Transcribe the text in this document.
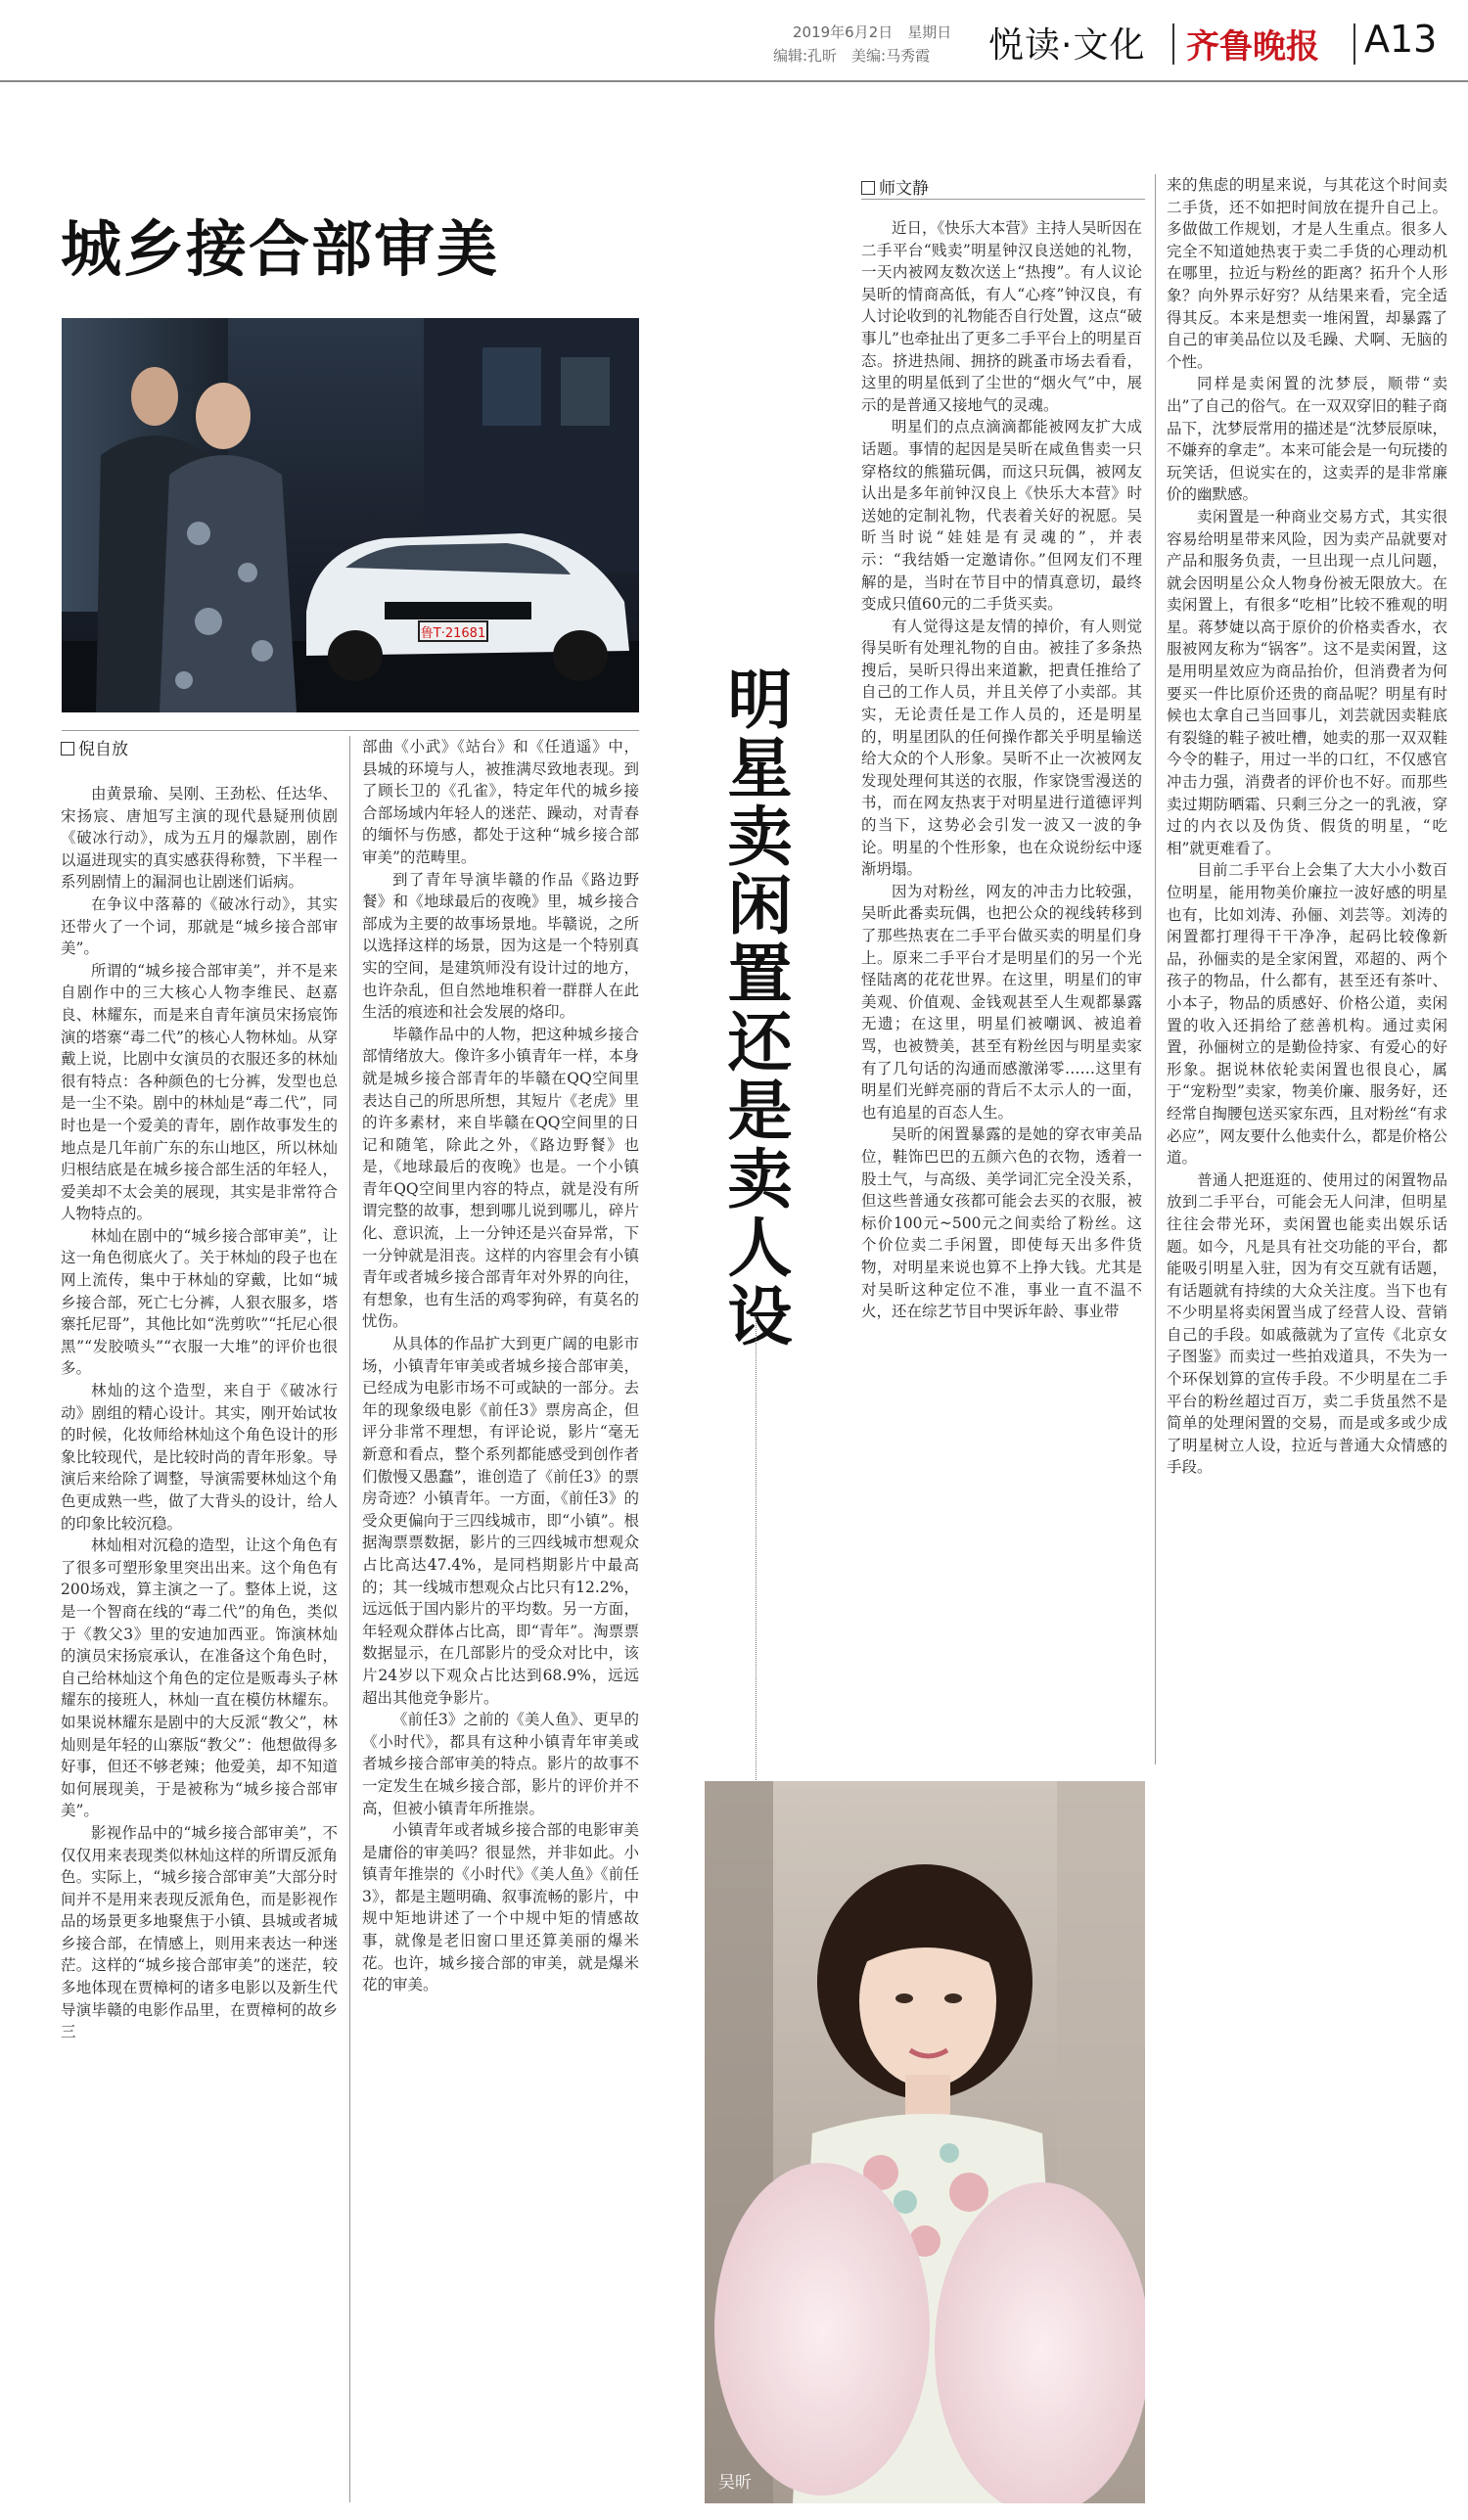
2019年6月2日　星期日
编辑:孔昕　美编:马秀霞 悦读·文化 齐鲁晚报 A13
城乡接合部审美
鲁T·21681
倪自放

由黄景瑜、吴刚、王劲松、任达华、宋扬宸、唐旭写主演的现代悬疑刑侦剧《破冰行动》，成为五月的爆款剧，剧作以逼进现实的真实感获得称赞，下半程一系列剧情上的漏洞也让剧迷们诟病。

在争议中落幕的《破冰行动》，其实还带火了一个词，那就是“城乡接合部审美”。

所谓的“城乡接合部审美”，并不是来自剧作中的三大核心人物李维民、赵嘉良、林耀东，而是来自青年演员宋扬宸饰演的塔寨“毒二代”的核心人物林灿。从穿戴上说，比剧中女演员的衣服还多的林灿很有特点：各种颜色的七分裤，发型也总是一尘不染。剧中的林灿是“毒二代”，同时也是一个爱美的青年，剧作故事发生的地点是几年前广东的东山地区，所以林灿归根结底是在城乡接合部生活的年轻人，爱美却不太会美的展现，其实是非常符合人物特点的。

林灿在剧中的“城乡接合部审美”，让这一角色彻底火了。关于林灿的段子也在网上流传，集中于林灿的穿戴，比如“城乡接合部，死亡七分裤，人狠衣服多，塔寨托尼哥”，其他比如“洗剪吹”“托尼心很黑”“发胶喷头”“衣服一大堆”的评价也很多。

林灿的这个造型，来自于《破冰行动》剧组的精心设计。其实，刚开始试妆的时候，化妆师给林灿这个角色设计的形象比较现代，是比较时尚的青年形象。导演后来给除了调整，导演需要林灿这个角色更成熟一些，做了大背头的设计，给人的印象比较沉稳。

林灿相对沉稳的造型，让这个角色有了很多可塑形象里突出出来。这个角色有200场戏，算主演之一了。整体上说，这是一个智商在线的“毒二代”的角色，类似于《教父3》里的安迪加西亚。饰演林灿的演员宋扬宸承认，在准备这个角色时，自己给林灿这个角色的定位是贩毒头子林耀东的接班人，林灿一直在模仿林耀东。如果说林耀东是剧中的大反派“教父”，林灿则是年轻的山寨版“教父”：他想做得多好事，但还不够老辣；他爱美，却不知道如何展现美，于是被称为“城乡接合部审美”。

影视作品中的“城乡接合部审美”，不仅仅用来表现类似林灿这样的所谓反派角色。实际上，“城乡接合部审美”大部分时间并不是用来表现反派角色，而是影视作品的场景更多地聚焦于小镇、县城或者城乡接合部，在情感上，则用来表达一种迷茫。这样的“城乡接合部审美”的迷茫，较多地体现在贾樟柯的诸多电影以及新生代导演毕赣的电影作品里，在贾樟柯的故乡三

部曲《小武》《站台》和《任逍遥》中，县城的环境与人，被推满尽致地表现。到了顾长卫的《孔雀》，特定年代的城乡接合部场域内年轻人的迷茫、躁动，对青春的缅怀与伤感，都处于这种“城乡接合部审美”的范畴里。

到了青年导演毕赣的作品《路边野餐》和《地球最后的夜晚》里，城乡接合部成为主要的故事场景地。毕赣说，之所以选择这样的场景，因为这是一个特别真实的空间，是建筑师没有设计过的地方，也许杂乱，但自然地堆积着一群群人在此生活的痕迹和社会发展的烙印。

毕赣作品中的人物，把这种城乡接合部情绪放大。像许多小镇青年一样，本身就是城乡接合部青年的毕赣在QQ空间里表达自己的所思所想，其短片《老虎》里的许多素材，来自毕赣在QQ空间里的日记和随笔，除此之外，《路边野餐》也是，《地球最后的夜晚》也是。一个小镇青年QQ空间里内容的特点，就是没有所谓完整的故事，想到哪儿说到哪儿，碎片化、意识流，上一分钟还是兴奋异常，下一分钟就是泪丧。这样的内容里会有小镇青年或者城乡接合部青年对外界的向往，有想象，也有生活的鸡零狗碎，有莫名的忧伤。

从具体的作品扩大到更广阔的电影市场，小镇青年审美或者城乡接合部审美，已经成为电影市场不可或缺的一部分。去年的现象级电影《前任3》票房高企，但评分非常不理想，有评论说，影片“毫无新意和看点，整个系列都能感受到创作者们傲慢又愚蠢”，谁创造了《前任3》的票房奇迹？小镇青年。一方面，《前任3》的受众更偏向于三四线城市，即“小镇”。根据淘票票数据，影片的三四线城市想观众占比高达47.4%，是同档期影片中最高的；其一线城市想观众占比只有12.2%，远远低于国内影片的平均数。另一方面，年轻观众群体占比高，即“青年”。淘票票数据显示，在几部影片的受众对比中，该片24岁以下观众占比达到68.9%，远远超出其他竞争影片。

《前任3》之前的《美人鱼》、更早的《小时代》，都具有这种小镇青年审美或者城乡接合部审美的特点。影片的故事不一定发生在城乡接合部，影片的评价并不高，但被小镇青年所推崇。

小镇青年或者城乡接合部的电影审美是庸俗的审美吗？很显然，并非如此。小镇青年推崇的《小时代》《美人鱼》《前任3》，都是主题明确、叙事流畅的影片，中规中矩地讲述了一个中规中矩的情感故事，就像是老旧窗口里还算美丽的爆米花。也许，城乡接合部的审美，就是爆米花的审美。

明星卖闲置还是卖人设
师文静

近日，《快乐大本营》主持人吴昕因在二手平台“贱卖”明星钟汉良送她的礼物，一天内被网友数次送上“热搜”。有人议论吴昕的情商高低，有人“心疼”钟汉良，有人讨论收到的礼物能否自行处置，这点“破事儿”也牵扯出了更多二手平台上的明星百态。挤进热闹、拥挤的跳蚤市场去看看，这里的明星低到了尘世的“烟火气”中，展示的是普通又接地气的灵魂。

明星们的点点滴滴都能被网友扩大成话题。事情的起因是吴昕在咸鱼售卖一只穿格纹的熊猫玩偶，而这只玩偶，被网友认出是多年前钟汉良上《快乐大本营》时送她的定制礼物，代表着关好的祝愿。吴昕当时说“娃娃是有灵魂的”，并表示：“我结婚一定邀请你。”但网友们不理解的是，当时在节目中的情真意切，最终变成只值60元的二手货买卖。

有人觉得这是友情的掉价，有人则觉得吴昕有处理礼物的自由。被挂了多条热搜后，吴昕只得出来道歉，把責任推给了自己的工作人员，并且关停了小卖部。其实，无论责任是工作人员的，还是明星的，明星团队的任何操作都关乎明星输送给大众的个人形象。吴昕不止一次被网友发现处理何其送的衣服，作家饶雪漫送的书，而在网友热衷于对明星进行道德评判的当下，这势必会引发一波又一波的争论。明星的个性形象，也在众说纷纭中逐渐坍塌。

因为对粉丝，网友的冲击力比较强，吴昕此番卖玩偶，也把公众的视线转移到了那些热衷在二手平台做买卖的明星们身上。原来二手平台才是明星们的另一个光怪陆离的花花世界。在这里，明星们的审美观、价值观、金钱观甚至人生观都暴露无遗；在这里，明星们被嘲讽、被追着骂，也被赞美，甚至有粉丝因与明星卖家有了几句话的沟通而感激涕零……这里有明星们光鲜亮丽的背后不太示人的一面，也有追星的百态人生。

吴昕的闲置暴露的是她的穿衣审美品位，鞋饰巴巴的五颜六色的衣物，透着一股土气，与高级、美学词汇完全没关系，但这些普通女孩都可能会去买的衣服，被标价100元~500元之间卖给了粉丝。这个价位卖二手闲置，即使每天出多件货物，对明星来说也算不上挣大钱。尤其是对吴昕这种定位不准，事业一直不温不火，还在综艺节目中哭诉年龄、事业带

来的焦虑的明星来说，与其花这个时间卖二手货，还不如把时间放在提升自己上。多做做工作规划，才是人生重点。很多人完全不知道她热衷于卖二手货的心理动机在哪里，拉近与粉丝的距离？拓升个人形象？向外界示好穷？从结果来看，完全适得其反。本来是想卖一堆闲置，却暴露了自己的审美品位以及毛躁、犬啊、无脑的个性。

同样是卖闲置的沈梦辰，顺带“卖出”了自己的俗气。在一双双穿旧的鞋子商品下，沈梦辰常用的描述是“沈梦辰原味，不嫌弃的拿走”。本来可能会是一句玩搂的玩笑话，但说实在的，这卖弄的是非常廉价的幽默感。

卖闲置是一种商业交易方式，其实很容易给明星带来风险，因为卖产品就要对产品和服务负责，一旦出现一点儿问题，就会因明星公众人物身份被无限放大。在卖闲置上，有很多“吃相”比较不雅观的明星。蒋梦婕以高于原价的价格卖香水，衣服被网友称为“锅客”。这不是卖闲置，这是用明星效应为商品抬价，但消费者为何要买一件比原价还贵的商品呢？明星有时候也太拿自己当回事儿，刘芸就因卖鞋底有裂缝的鞋子被吐槽，她卖的那一双双鞋今令的鞋子，用过一半的口红，不仅感官冲击力强，消费者的评价也不好。而那些卖过期防晒霜、只剩三分之一的乳液，穿过的内衣以及伪货、假货的明星，“吃相”就更难看了。

目前二手平台上会集了大大小小数百位明星，能用物美价廉拉一波好感的明星也有，比如刘涛、孙俪、刘芸等。刘涛的闲置都打理得干干净净，起码比较像新品，孙俪卖的是全家闲置，邓超的、两个孩子的物品，什么都有，甚至还有茶叶、小本子，物品的质感好、价格公道，卖闲置的收入还捐给了慈善机构。通过卖闲置，孙俪树立的是勤俭持家、有爱心的好形象。据说林依轮卖闲置也很良心，属于“宠粉型”卖家，物美价廉、服务好，还经常自掏腰包送买家东西，且对粉丝“有求必应”，网友要什么他卖什么，都是价格公道。

普通人把逛逛的、使用过的闲置物品放到二手平台，可能会无人问津，但明星往往会带光环，卖闲置也能卖出娱乐话题。如今，凡是具有社交功能的平台，都能吸引明星入驻，因为有交互就有话题，有话题就有持续的大众关注度。当下也有不少明星将卖闲置当成了经营人设、营销自己的手段。如戚薇就为了宣传《北京女子图鉴》而卖过一些拍戏道具，不失为一个环保划算的宣传手段。不少明星在二手平台的粉丝超过百万，卖二手货虽然不是简单的处理闲置的交易，而是或多或少成了明星树立人设，拉近与普通大众情感的手段。

吴昕
